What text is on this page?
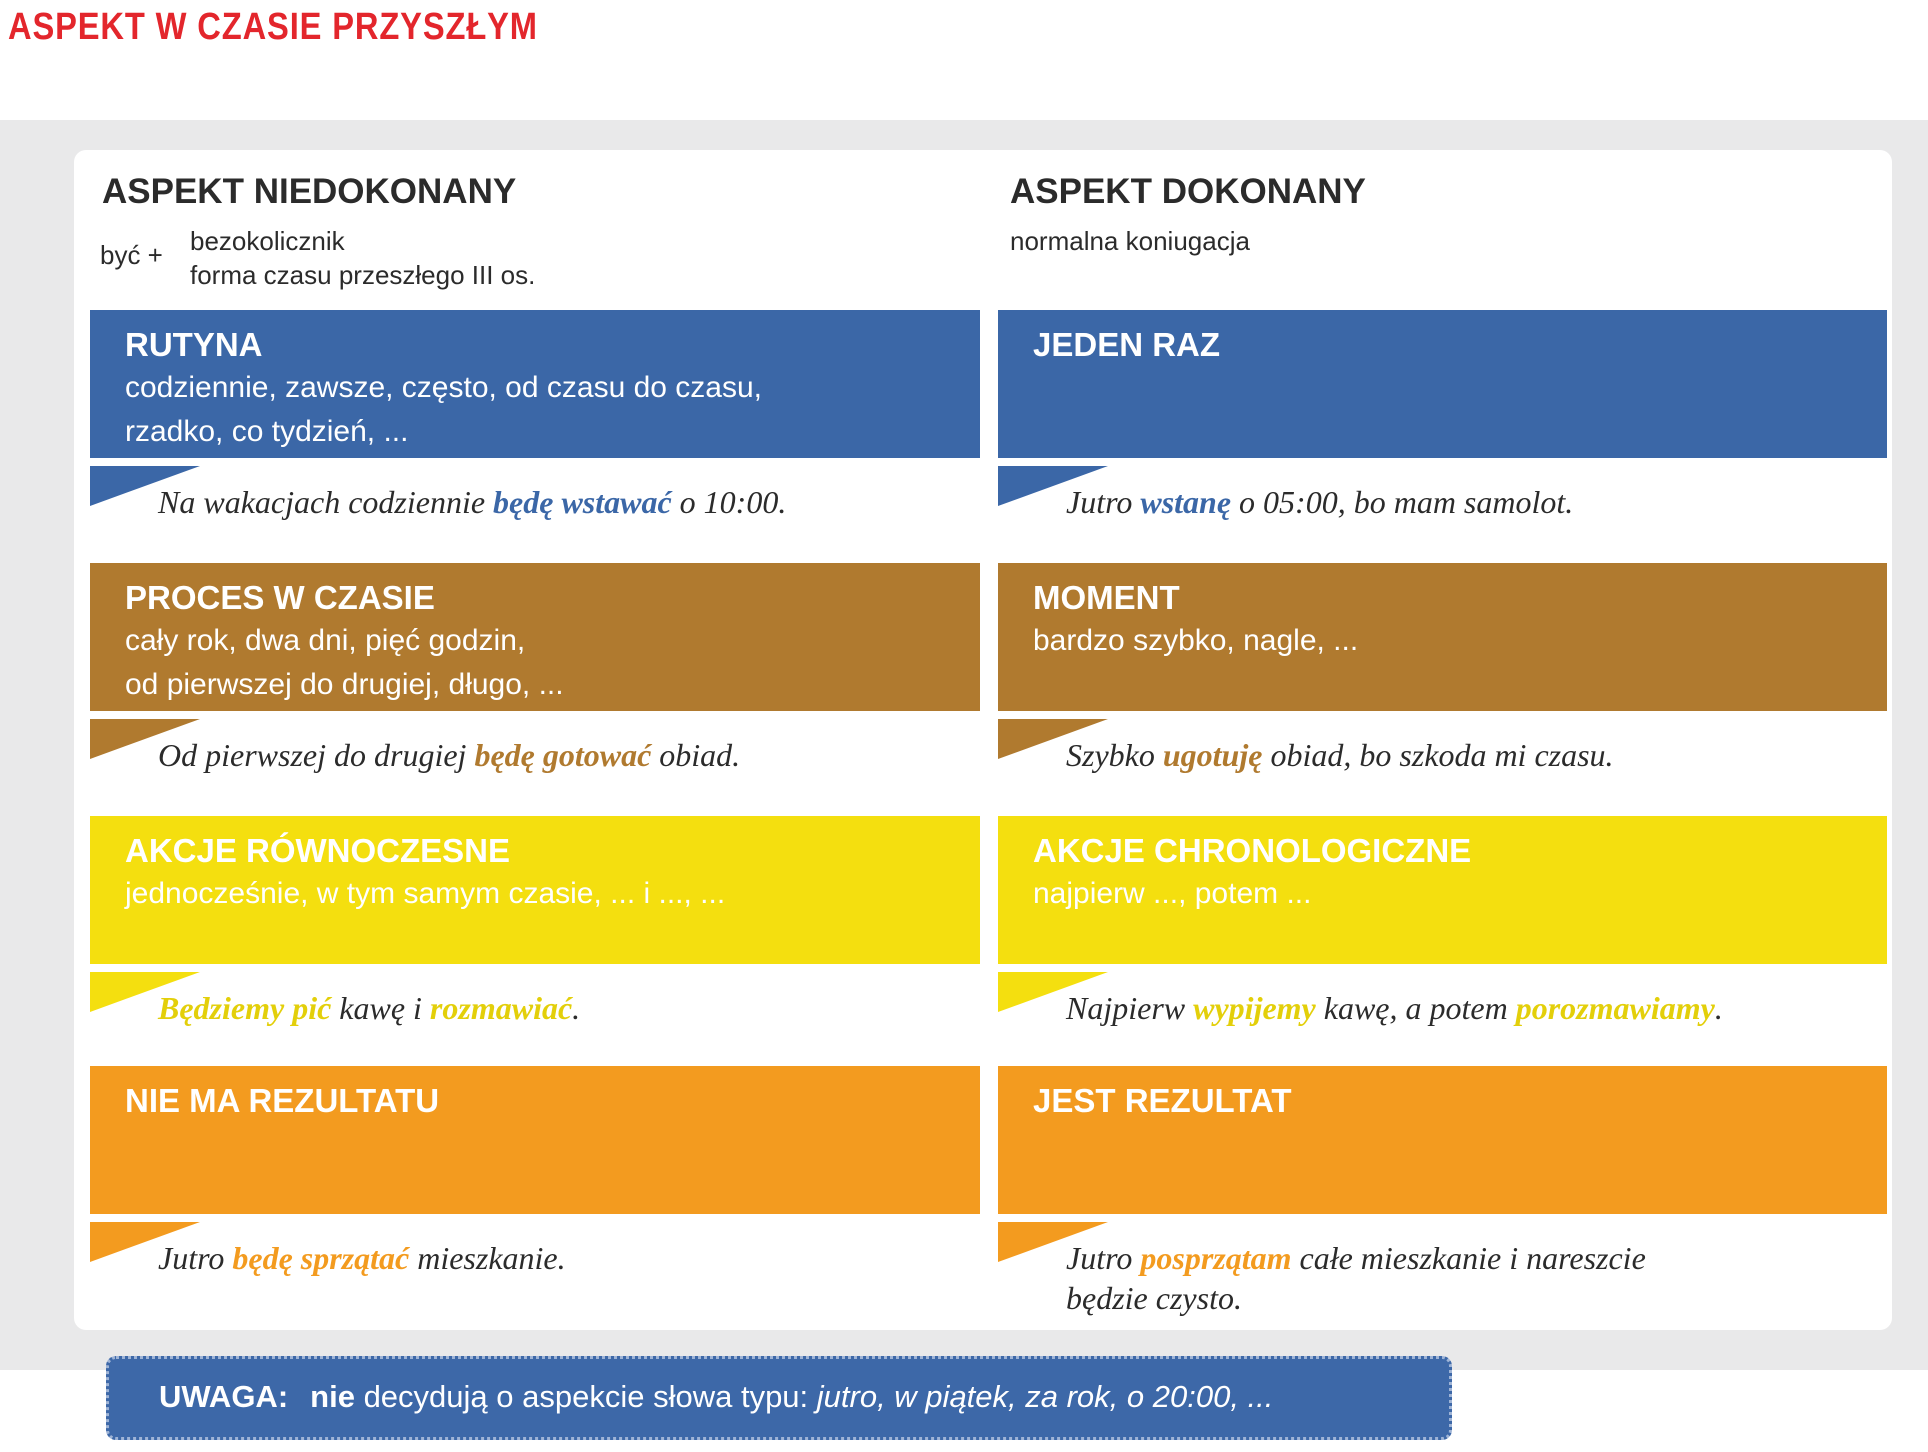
ASPEKT W CZASIE PRZYSZŁYM
ASPEKT NIEDOKONANY
być + bezokolicznik
forma czasu przeszłego III os.
RUTYNA
codziennie, zawsze, często, od czasu do czasu,
rzadko, co tydzień, ...
Na wakacjach codziennie będę wstawać o 10:00.
PROCES W CZASIE
cały rok, dwa dni, pięć godzin,
od pierwszej do drugiej, długo, ...
Od pierwszej do drugiej będę gotować obiad.
AKCJE RÓWNOCZESNE
jednocześnie, w tym samym czasie, ... i ..., ...
Będziemy pić kawę i rozmawiać.
NIE MA REZULTATU
Jutro będę sprzątać mieszkanie.
ASPEKT DOKONANY
normalna koniugacja
JEDEN RAZ
Jutro wstanę o 05:00, bo mam samolot.
MOMENT
bardzo szybko, nagle, ...
Szybko ugotuję obiad, bo szkoda mi czasu.
AKCJE CHRONOLOGICZNE
najpierw ..., potem ...
Najpierw wypijemy kawę, a potem porozmawiamy.
JEST REZULTAT
Jutro posprzątam całe mieszkanie i nareszcie
będzie czysto.
UWAGA: nie decydują o aspekcie słowa typu: jutro, w piątek, za rok, o 20:00, ...
